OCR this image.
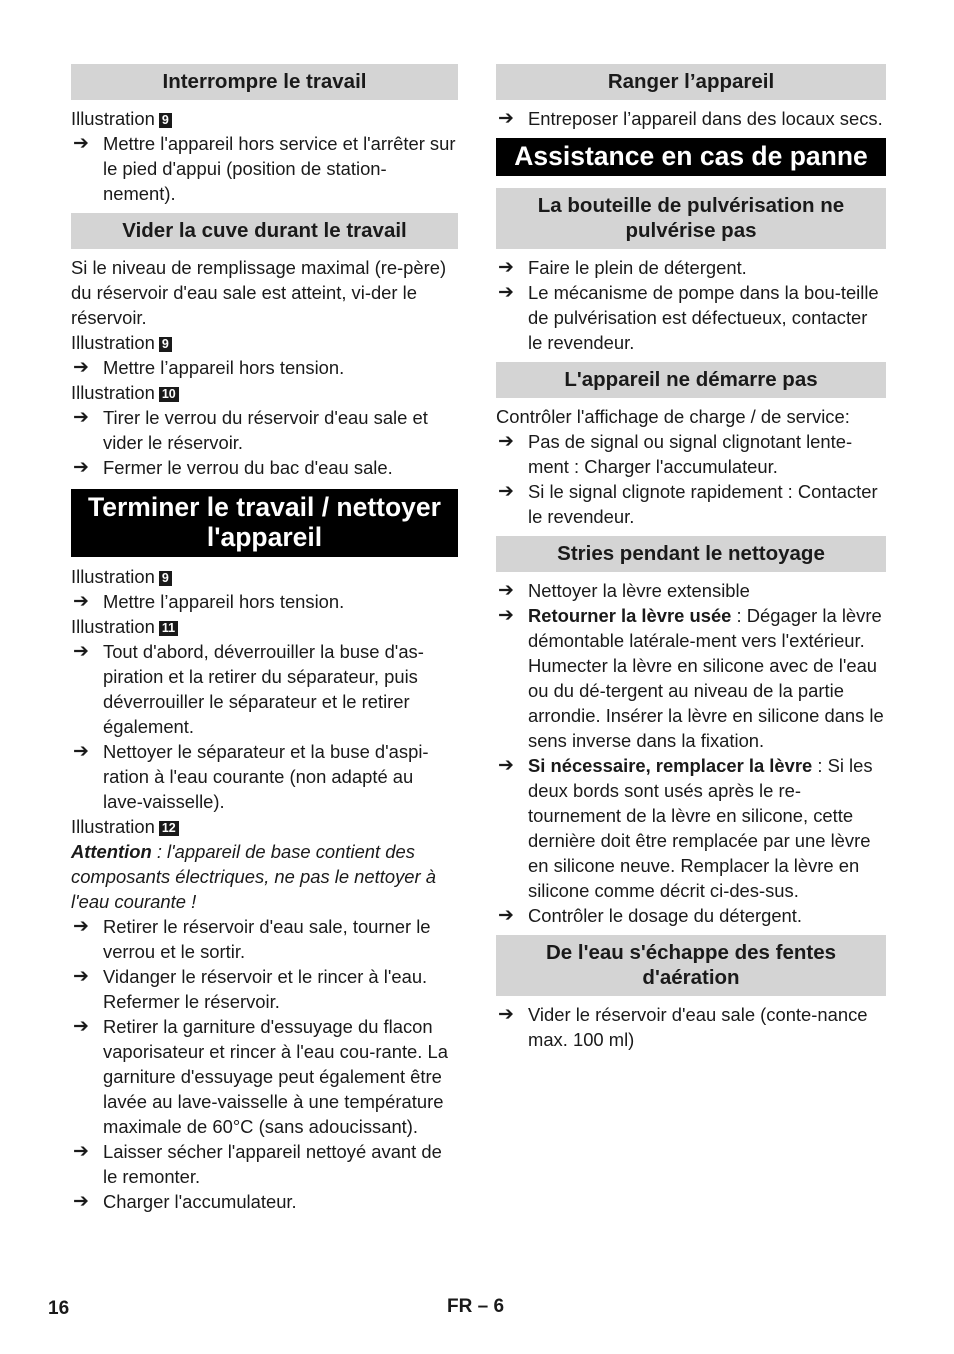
Interrompre le travail

Illustration 9

➔ Mettre l'appareil hors service et l'arrêter sur le pied d'appui (position de station-nement).

Vider la cuve durant le travail

Si le niveau de remplissage maximal (re-père) du réservoir d'eau sale est atteint, vi-der le réservoir.

Illustration 9

➔ Mettre l’appareil hors tension.

Illustration 10

➔ Tirer le verrou du réservoir d'eau sale et vider le réservoir.

➔ Fermer le verrou du bac d'eau sale.

Terminer le travail / nettoyer l'appareil

Illustration 9

➔ Mettre l’appareil hors tension.

Illustration 11

➔ Tout d'abord, déverrouiller la buse d'as-piration et la retirer du séparateur, puis déverrouiller le séparateur et le retirer également.

➔ Nettoyer le séparateur et la buse d'aspi-ration à l'eau courante (non adapté au lave-vaisselle).

Illustration 12

Attention : l'appareil de base contient des composants électriques, ne pas le nettoyer à l'eau courante !

➔ Retirer le réservoir d'eau sale, tourner le verrou et le sortir.

➔ Vidanger le réservoir et le rincer à l'eau. Refermer le réservoir.

➔ Retirer la garniture d'essuyage du flacon vaporisateur et rincer à l'eau cou-rante. La garniture d'essuyage peut également être lavée au lave-vaisselle à une température maximale de 60°C (sans adoucissant).

➔ Laisser sécher l'appareil nettoyé avant de le remonter.

➔ Charger l'accumulateur.

Ranger l’appareil

➔ Entreposer l’appareil dans des locaux secs.

Assistance en cas de panne
La bouteille de pulvérisation ne pulvérise pas

➔ Faire le plein de détergent.

➔ Le mécanisme de pompe dans la bou-teille de pulvérisation est défectueux, contacter le revendeur.

L'appareil ne démarre pas

Contrôler l'affichage de charge / de service:

➔ Pas de signal ou signal clignotant lente-ment : Charger l'accumulateur.

➔ Si le signal clignote rapidement : Contacter le revendeur.

Stries pendant le nettoyage

➔ Nettoyer la lèvre extensible

➔ Retourner la lèvre usée : Dégager la lèvre démontable latérale-ment vers l'extérieur. Humecter la lèvre en silicone avec de l'eau ou du dé-tergent au niveau de la partie arrondie. Insérer la lèvre en silicone dans le sens inverse dans la fixation.

➔ Si nécessaire, remplacer la lèvre : Si les deux bords sont usés après le re-tournement de la lèvre en silicone, cette dernière doit être remplacée par une lèvre en silicone neuve. Remplacer la lèvre en silicone comme décrit ci-des-sus.

➔ Contrôler le dosage du détergent.

De l'eau s'échappe des fentes d'aération

➔ Vider le réservoir d'eau sale (conte-nance max. 100 ml)

16	FR – 6
